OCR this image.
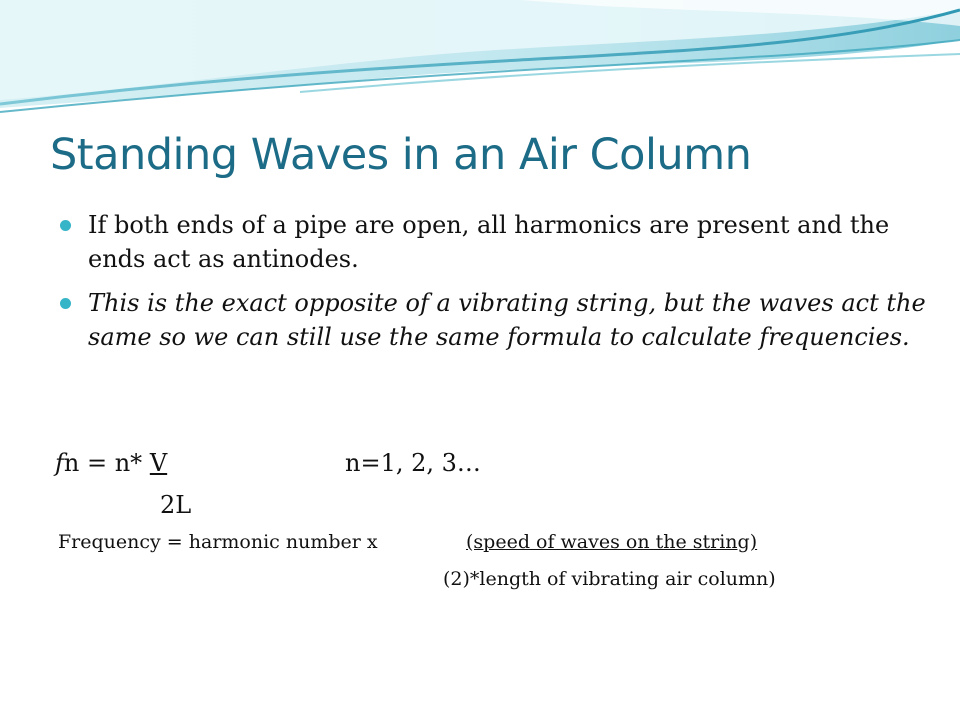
Standing Waves in an Air Column
If both ends of a pipe are open, all harmonics are present and the ends act as antinodes.
This is the exact opposite of a vibrating string, but the waves act the same so we can still use the same formula to calculate frequencies.
fn = n* V	n=1, 2, 3…
2L
Frequency = harmonic number x	(speed of waves on the string)
(2)*length of vibrating air column)
